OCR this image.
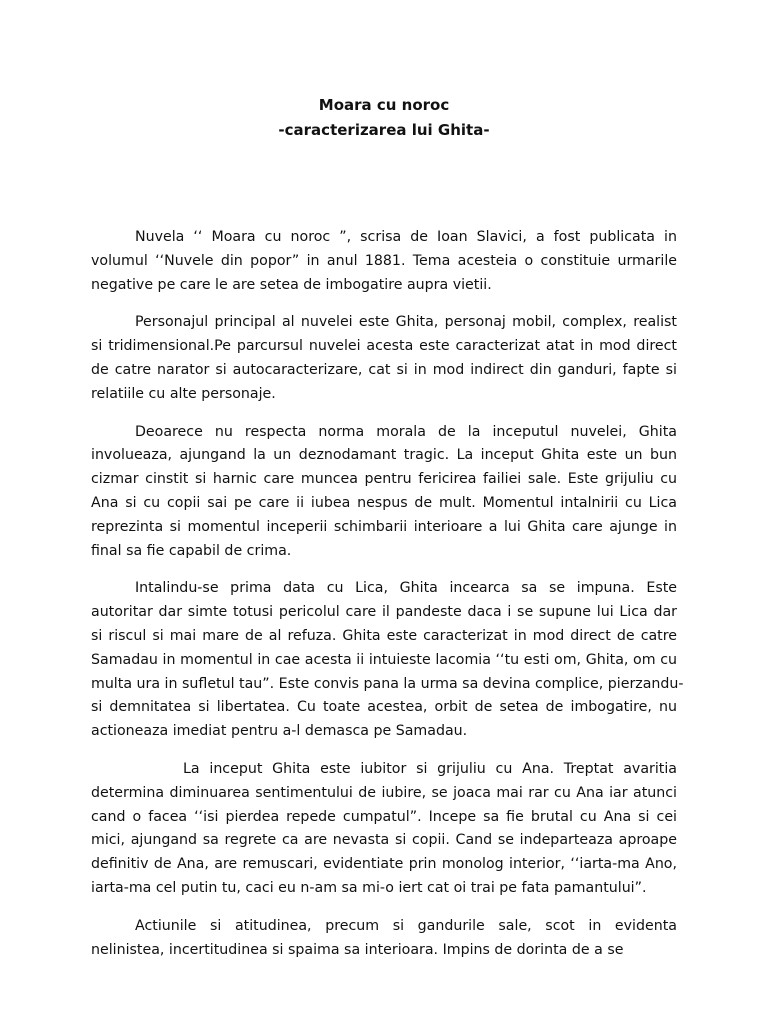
Moara cu noroc
-caracterizarea lui Ghita-
Nuvela ‘‘ Moara cu noroc ”, scrisa de Ioan Slavici, a fost publicata in
volumul ‘‘Nuvele din popor” in anul 1881. Tema acesteia o constituie urmarile
negative pe care le are setea de imbogatire aupra vietii.
Personajul principal al nuvelei este Ghita, personaj mobil, complex, realist
si tridimensional.Pe parcursul nuvelei acesta este caracterizat atat in mod direct
de catre narator si autocaracterizare, cat si in mod indirect din ganduri, fapte si
relatiile cu alte personaje.
Deoarece nu respecta norma morala de la inceputul nuvelei, Ghita
involueaza, ajungand la un deznodamant tragic. La inceput Ghita este un bun
cizmar cinstit si harnic care muncea pentru fericirea failiei sale. Este grijuliu cu
Ana si cu copii sai pe care ii iubea nespus de mult. Momentul intalnirii cu Lica
reprezinta si momentul inceperii schimbarii interioare a lui Ghita care ajunge in
final sa fie capabil de crima.
Intalindu-se prima data cu Lica, Ghita incearca sa se impuna. Este
autoritar dar simte totusi pericolul care il pandeste daca i se supune lui Lica dar
si riscul si mai mare de al refuza. Ghita este caracterizat in mod direct de catre
Samadau in momentul in cae acesta ii intuieste lacomia ‘‘tu esti om, Ghita, om cu
multa ura in sufletul tau”. Este convis pana la urma sa devina complice, pierzandu-
si demnitatea si libertatea. Cu toate acestea, orbit de setea de imbogatire, nu
actioneaza imediat pentru a-l demasca pe Samadau.
La inceput Ghita este iubitor si grijuliu cu Ana. Treptat avaritia
determina diminuarea sentimentului de iubire, se joaca mai rar cu Ana iar atunci
cand o facea ‘‘isi pierdea repede cumpatul”. Incepe sa fie brutal cu Ana si cei
mici, ajungand sa regrete ca are nevasta si copii. Cand se indeparteaza aproape
definitiv de Ana, are remuscari, evidentiate prin monolog interior, ‘‘iarta-ma Ano,
iarta-ma cel putin tu, caci eu n-am sa mi-o iert cat oi trai pe fata pamantului”.
Actiunile si atitudinea, precum si gandurile sale, scot in evidenta
nelinistea, incertitudinea si spaima sa interioara. Impins de dorinta de a se
